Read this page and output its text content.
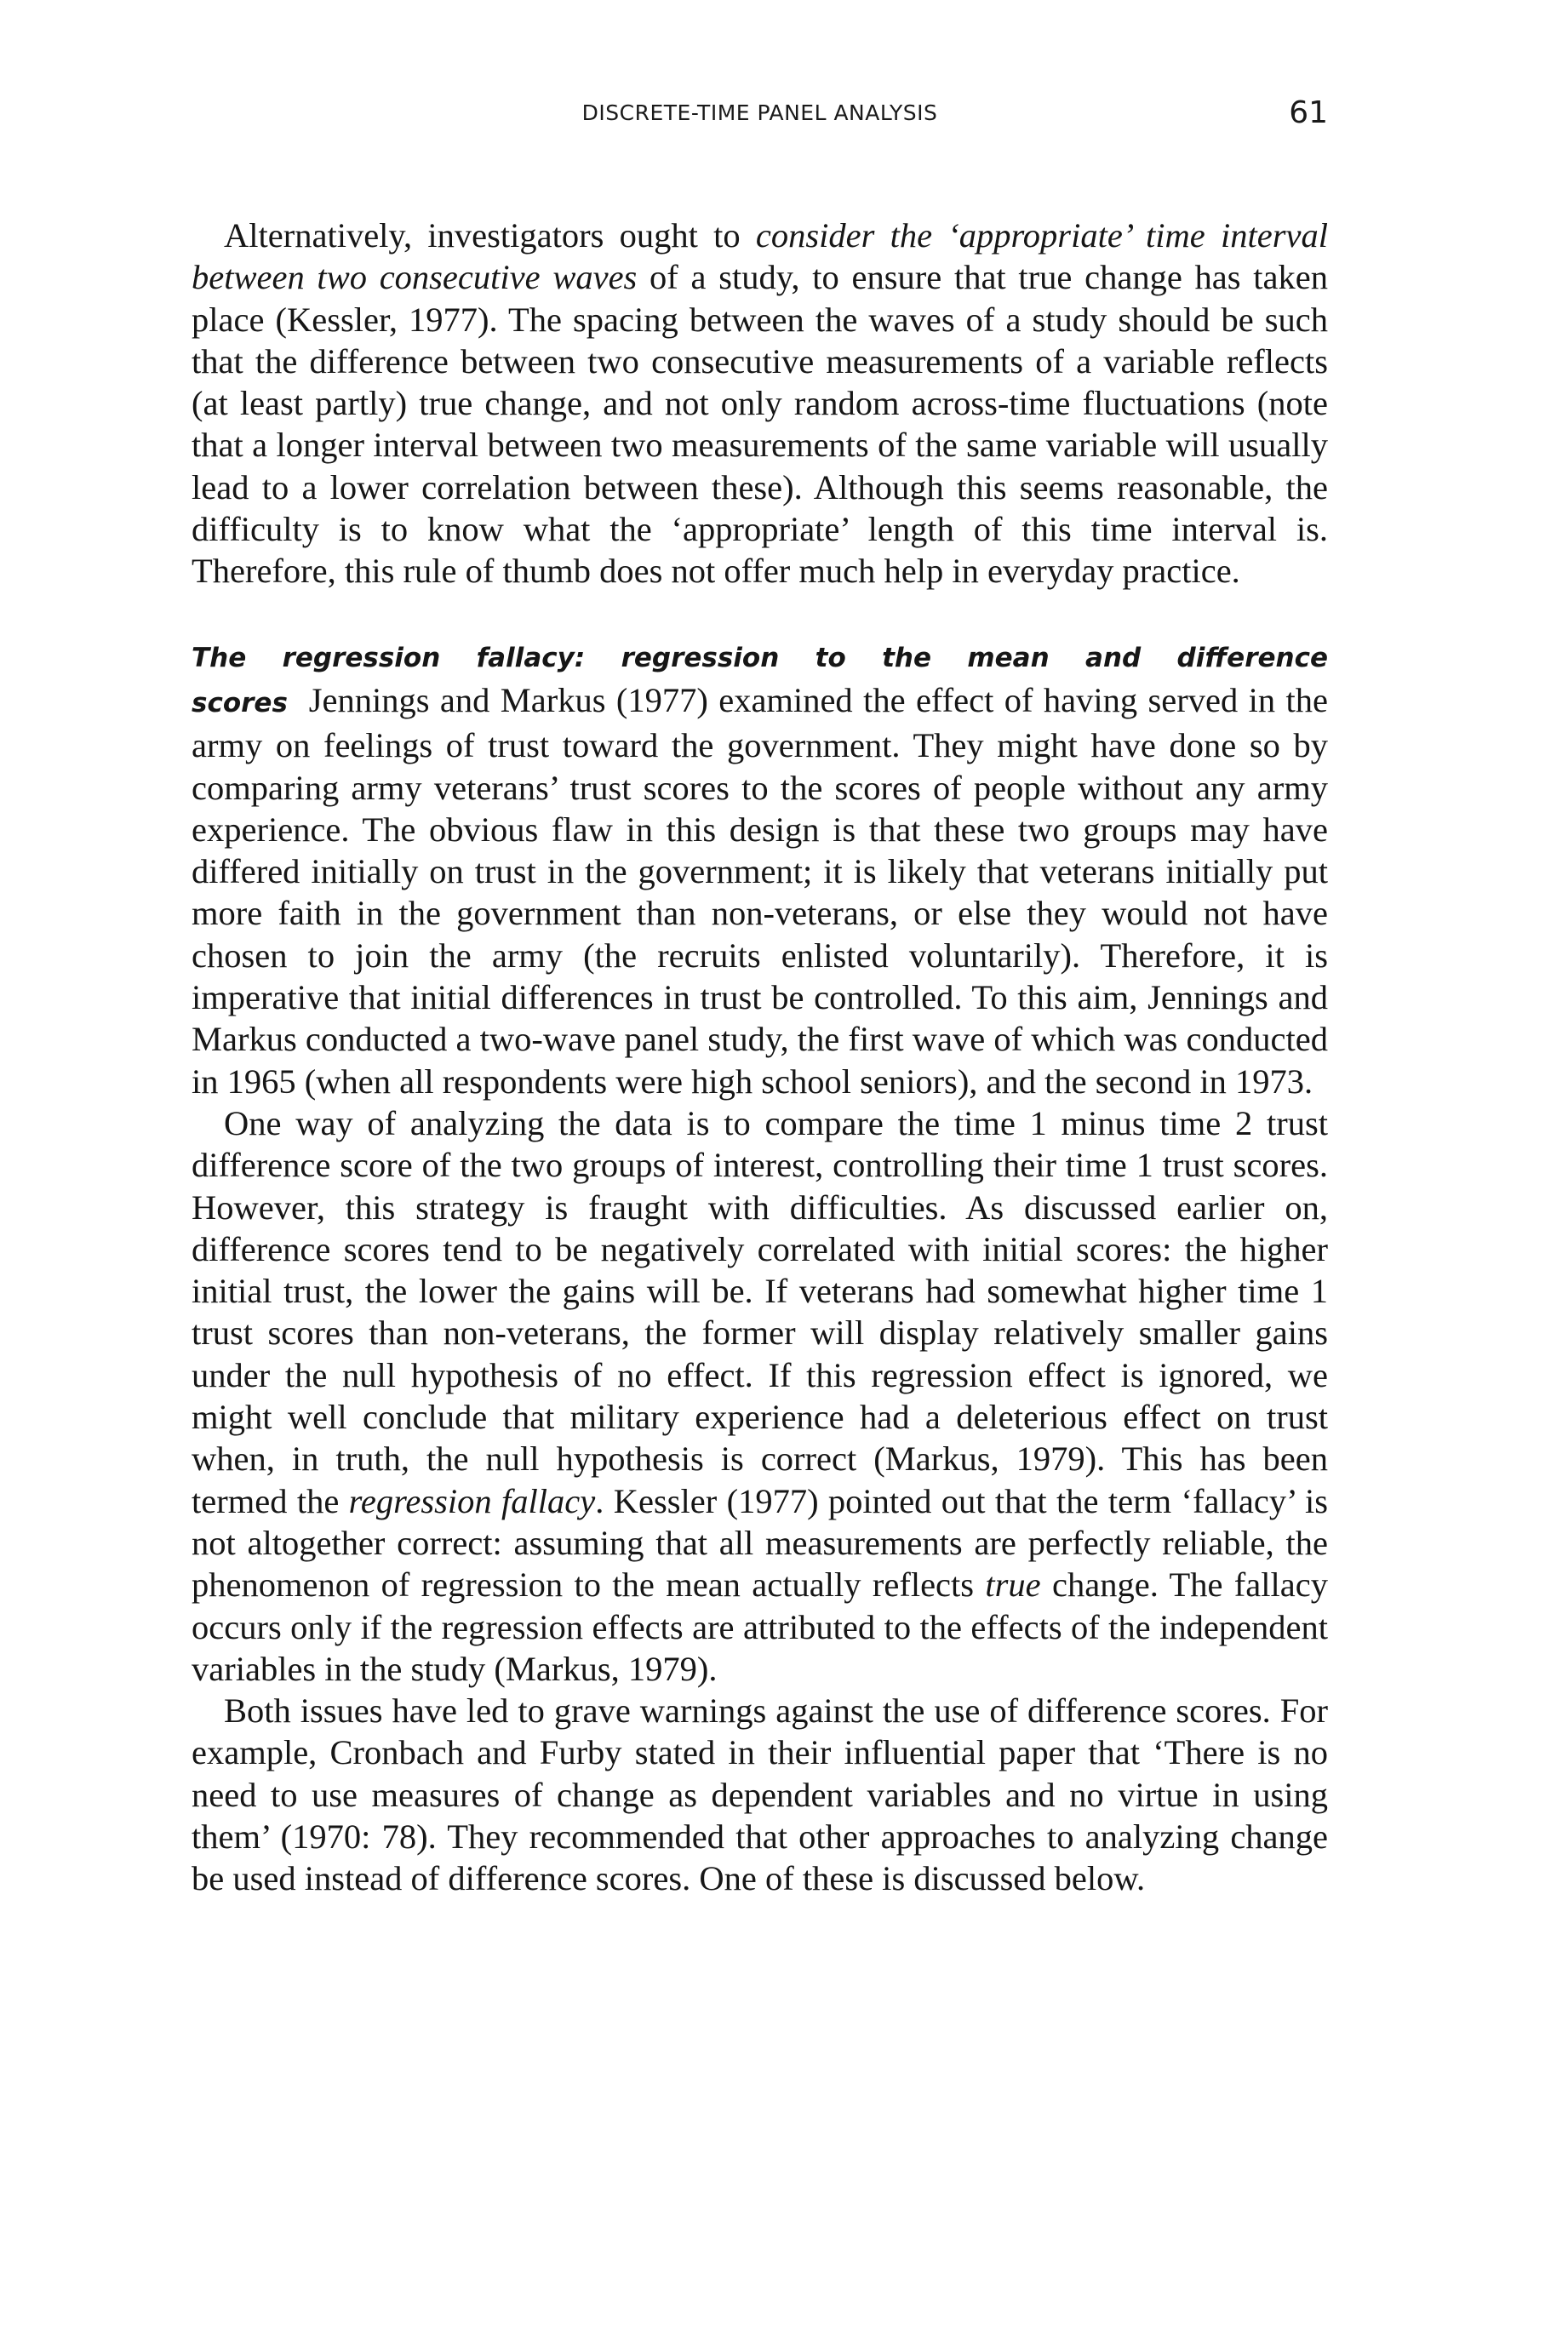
DISCRETE-TIME PANEL ANALYSIS	61

Alternatively, investigators ought to consider the ‘appropriate’ time interval between two consecutive waves of a study, to ensure that true change has taken place (Kessler, 1977). The spacing between the waves of a study should be such that the difference between two consecutive measurements of a variable reflects (at least partly) true change, and not only random across-time fluctuations (note that a longer interval between two measurements of the same variable will usually lead to a lower correlation between these). Although this seems reasonable, the difficulty is to know what the ‘appropriate’ length of this time interval is. Therefore, this rule of thumb does not offer much help in everyday practice.

The regression fallacy: regression to the mean and difference scores Jennings and Markus (1977) examined the effect of having served in the army on feelings of trust toward the government. They might have done so by comparing army veterans’ trust scores to the scores of people without any army experience. The obvious flaw in this design is that these two groups may have differed initially on trust in the government; it is likely that veterans initially put more faith in the government than non-veterans, or else they would not have chosen to join the army (the recruits enlisted voluntarily). Therefore, it is imperative that initial differences in trust be controlled. To this aim, Jennings and Markus conducted a two-wave panel study, the first wave of which was conducted in 1965 (when all respondents were high school seniors), and the second in 1973.

One way of analyzing the data is to compare the time 1 minus time 2 trust difference score of the two groups of interest, controlling their time 1 trust scores. However, this strategy is fraught with difficulties. As discussed earlier on, difference scores tend to be negatively correlated with initial scores: the higher initial trust, the lower the gains will be. If veterans had somewhat higher time 1 trust scores than non-veterans, the former will display relatively smaller gains under the null hypothesis of no effect. If this regression effect is ignored, we might well conclude that military experience had a deleterious effect on trust when, in truth, the null hypothesis is correct (Markus, 1979). This has been termed the regression fallacy. Kessler (1977) pointed out that the term ‘fallacy’ is not altogether correct: assuming that all measurements are perfectly reliable, the phenomenon of regression to the mean actually reflects true change. The fallacy occurs only if the regression effects are attributed to the effects of the independent variables in the study (Markus, 1979).

Both issues have led to grave warnings against the use of difference scores. For example, Cronbach and Furby stated in their influential paper that ‘There is no need to use measures of change as dependent variables and no virtue in using them’ (1970: 78). They recommended that other approaches to analyzing change be used instead of difference scores. One of these is discussed below.
